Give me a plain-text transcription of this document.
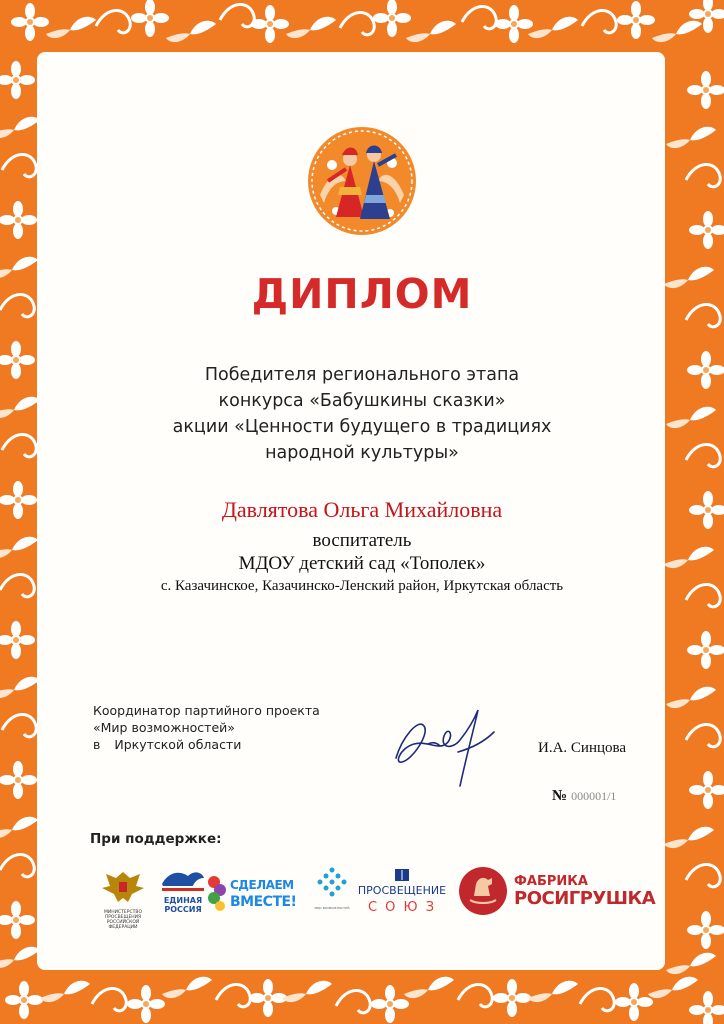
ДИПЛОМ
Победителя регионального этапа
конкурса «Бабушкины сказки»
акции «Ценности будущего в традициях
народной культуры»
Давлятова Ольга Михайловна
воспитатель
МДОУ детский сад «Тополек»
с. Казачинское, Казачинско-Ленский район, Иркутская область
Координатор партийного проекта
«Мир возможностей»
в Иркутской области	И.А. Синцова
№ 000001/1
При поддержке:
МИНИСТЕРСТВО ПРОСВЕЩЕНИЯ РОССИЙСКОЙ ФЕДЕРАЦИИ
ЕДИНАЯ
РОССИЯ
СДЕЛАЕМ
ВМЕСТЕ!	мир возможностей
ПРОСВЕЩЕНИЕ
С О Ю З
ФАБРИКА
РОСИГРУШКА
